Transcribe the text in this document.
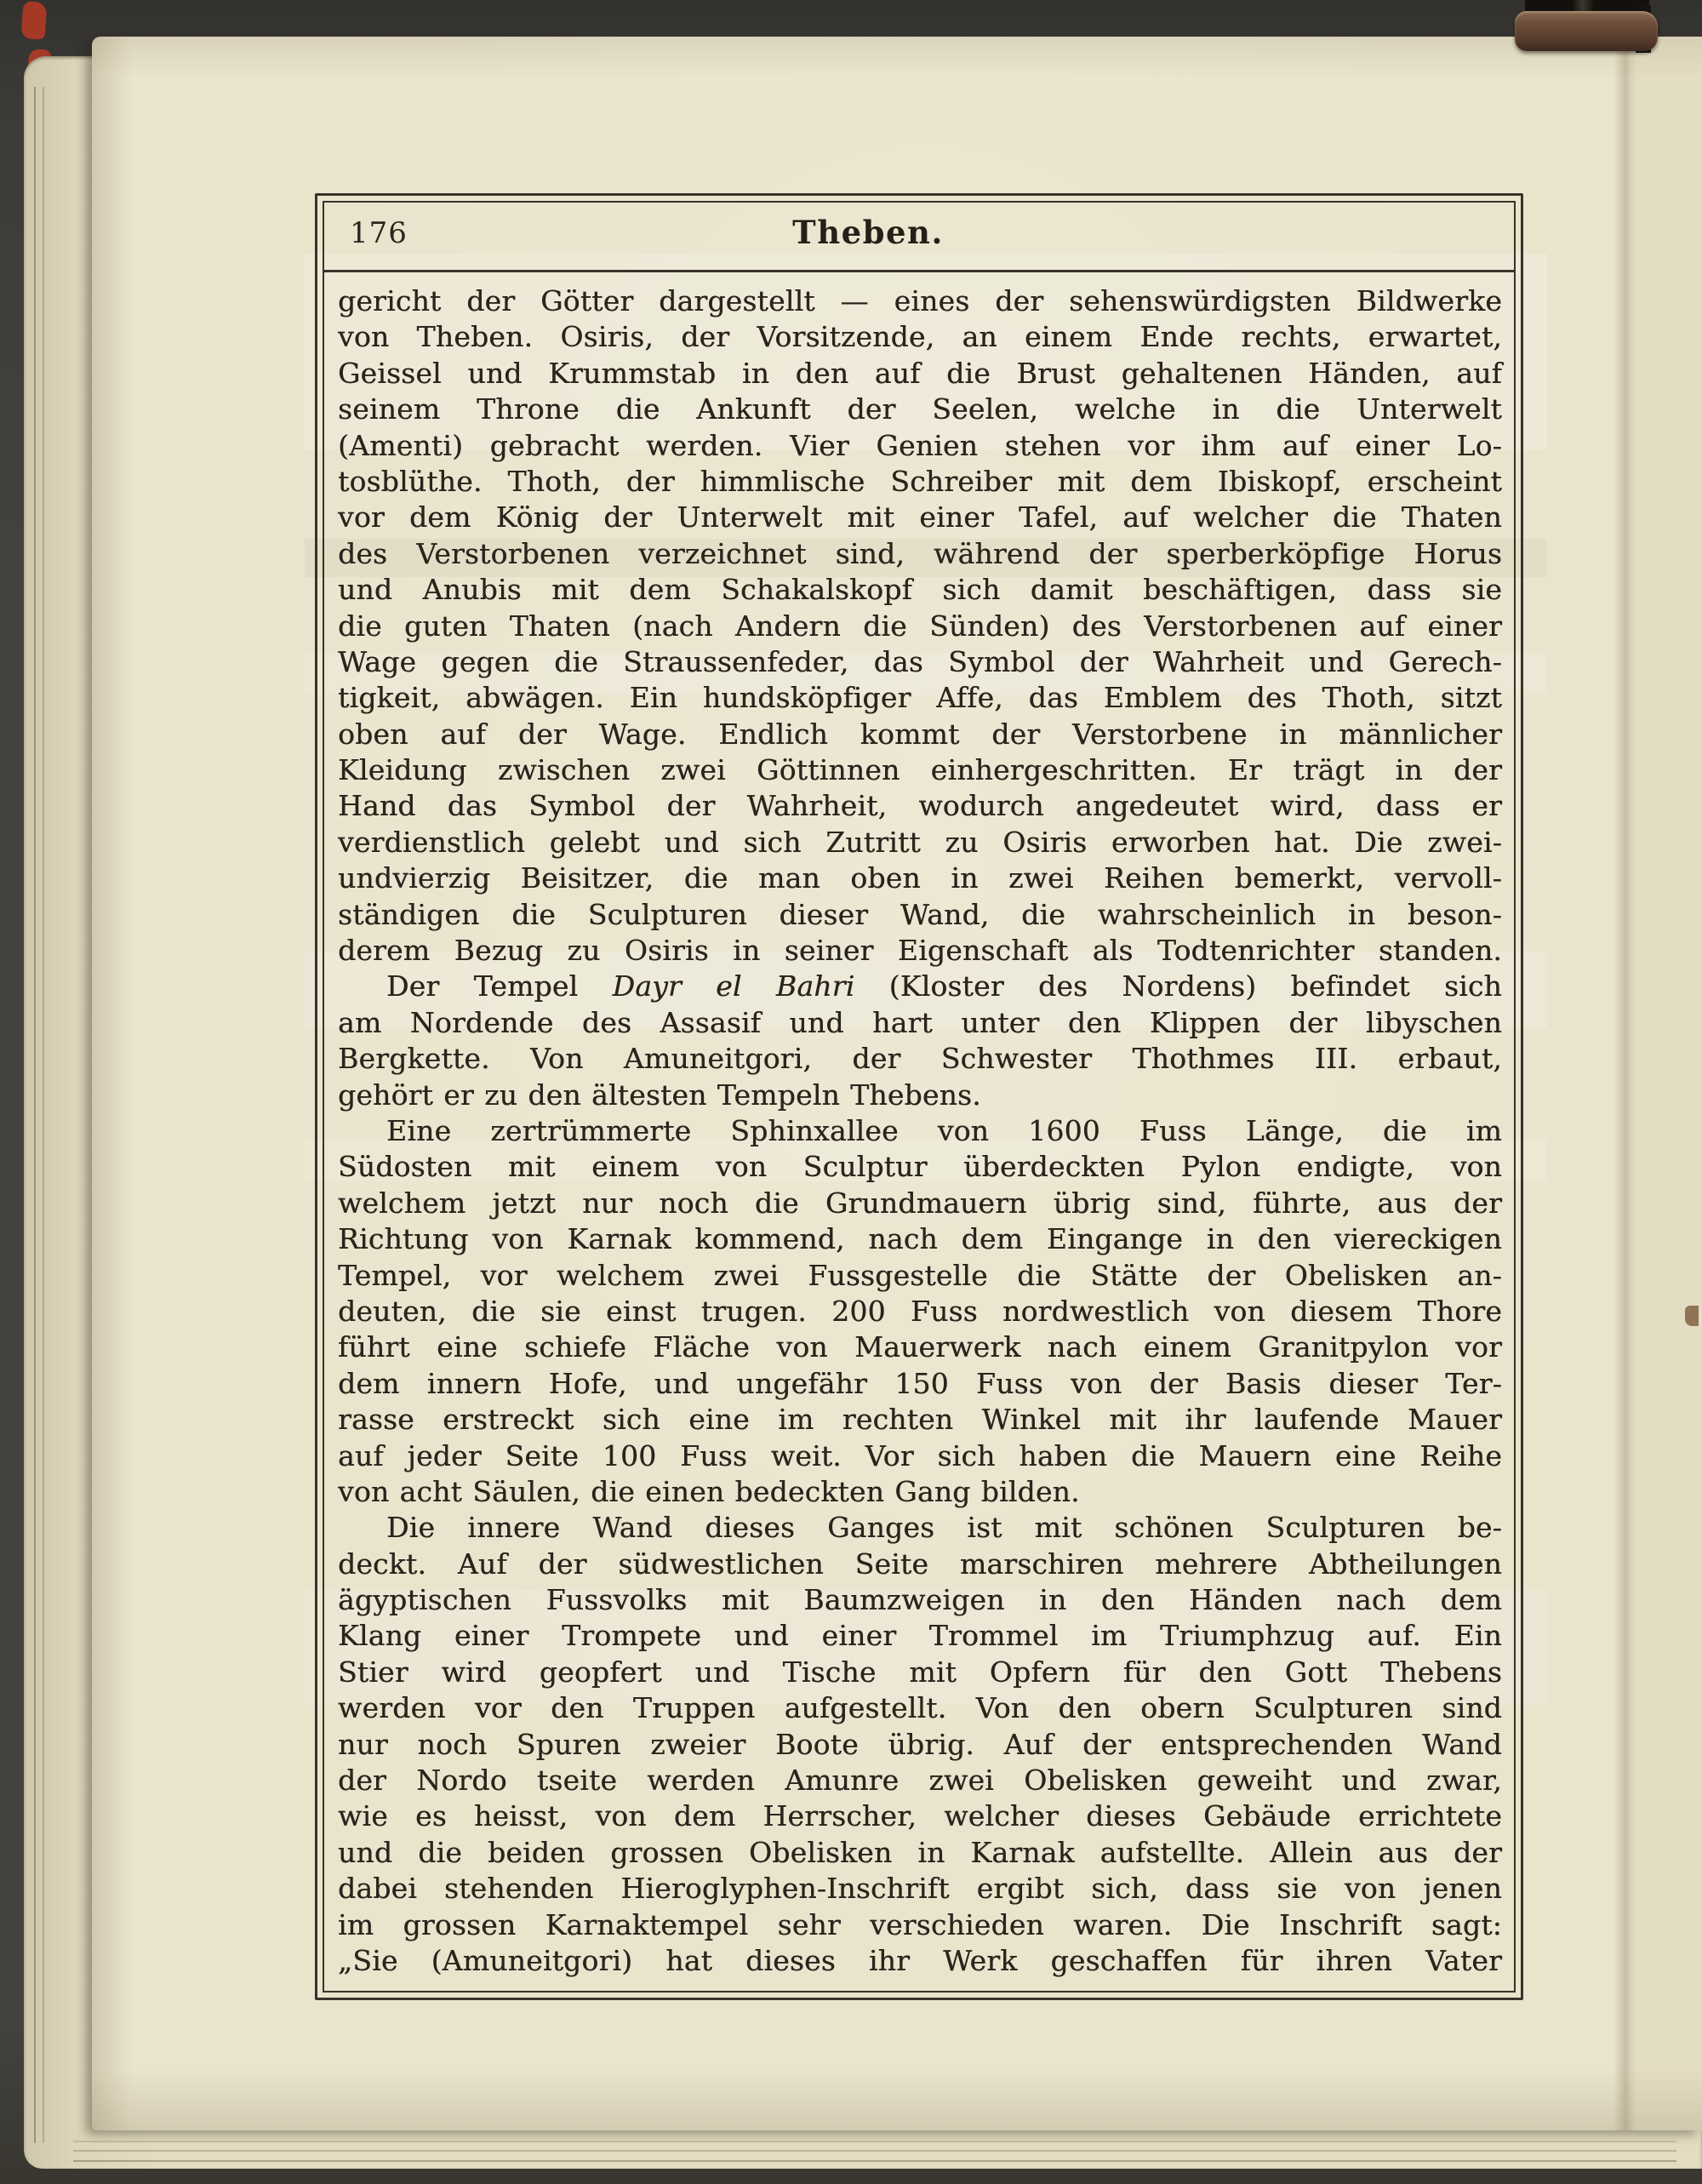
176	Theben.
gericht der Götter dargestellt — eines der sehenswürdigsten Bildwerke
von Theben. Osiris, der Vorsitzende, an einem Ende rechts, erwartet,
Geissel und Krummstab in den auf die Brust gehaltenen Händen, auf
seinem Throne die Ankunft der Seelen, welche in die Unterwelt
(Amenti) gebracht werden. Vier Genien stehen vor ihm auf einer Lo-
tosblüthe. Thoth, der himmlische Schreiber mit dem Ibiskopf, erscheint
vor dem König der Unterwelt mit einer Tafel, auf welcher die Thaten
des Verstorbenen verzeichnet sind, während der sperberköpfige Horus
und Anubis mit dem Schakalskopf sich damit beschäftigen, dass sie
die guten Thaten (nach Andern die Sünden) des Verstorbenen auf einer
Wage gegen die Straussenfeder, das Symbol der Wahrheit und Gerech-
tigkeit, abwägen. Ein hundsköpfiger Affe, das Emblem des Thoth, sitzt
oben auf der Wage. Endlich kommt der Verstorbene in männlicher
Kleidung zwischen zwei Göttinnen einhergeschritten. Er trägt in der
Hand das Symbol der Wahrheit, wodurch angedeutet wird, dass er
verdienstlich gelebt und sich Zutritt zu Osiris erworben hat. Die zwei-
undvierzig Beisitzer, die man oben in zwei Reihen bemerkt, vervoll-
ständigen die Sculpturen dieser Wand, die wahrscheinlich in beson-
derem Bezug zu Osiris in seiner Eigenschaft als Todtenrichter standen.
Der Tempel Dayr el Bahri (Kloster des Nordens) befindet sich
am Nordende des Assasif und hart unter den Klippen der libyschen
Bergkette. Von Amuneitgori, der Schwester Thothmes III. erbaut,
gehört er zu den ältesten Tempeln Thebens.
Eine zertrümmerte Sphinxallee von 1600 Fuss Länge, die im
Südosten mit einem von Sculptur überdeckten Pylon endigte, von
welchem jetzt nur noch die Grundmauern übrig sind, führte, aus der
Richtung von Karnak kommend, nach dem Eingange in den viereckigen
Tempel, vor welchem zwei Fussgestelle die Stätte der Obelisken an-
deuten, die sie einst trugen. 200 Fuss nordwestlich von diesem Thore
führt eine schiefe Fläche von Mauerwerk nach einem Granitpylon vor
dem innern Hofe, und ungefähr 150 Fuss von der Basis dieser Ter-
rasse erstreckt sich eine im rechten Winkel mit ihr laufende Mauer
auf jeder Seite 100 Fuss weit. Vor sich haben die Mauern eine Reihe
von acht Säulen, die einen bedeckten Gang bilden.
Die innere Wand dieses Ganges ist mit schönen Sculpturen be-
deckt. Auf der südwestlichen Seite marschiren mehrere Abtheilungen
ägyptischen Fussvolks mit Baumzweigen in den Händen nach dem
Klang einer Trompete und einer Trommel im Triumphzug auf. Ein
Stier wird geopfert und Tische mit Opfern für den Gott Thebens
werden vor den Truppen aufgestellt. Von den obern Sculpturen sind
nur noch Spuren zweier Boote übrig. Auf der entsprechenden Wand
der Nordo tseite werden Amunre zwei Obelisken geweiht und zwar,
wie es heisst, von dem Herrscher, welcher dieses Gebäude errichtete
und die beiden grossen Obelisken in Karnak aufstellte. Allein aus der
dabei stehenden Hieroglyphen-Inschrift ergibt sich, dass sie von jenen
im grossen Karnaktempel sehr verschieden waren. Die Inschrift sagt:
„Sie (Amuneitgori) hat dieses ihr Werk geschaffen für ihren Vater
